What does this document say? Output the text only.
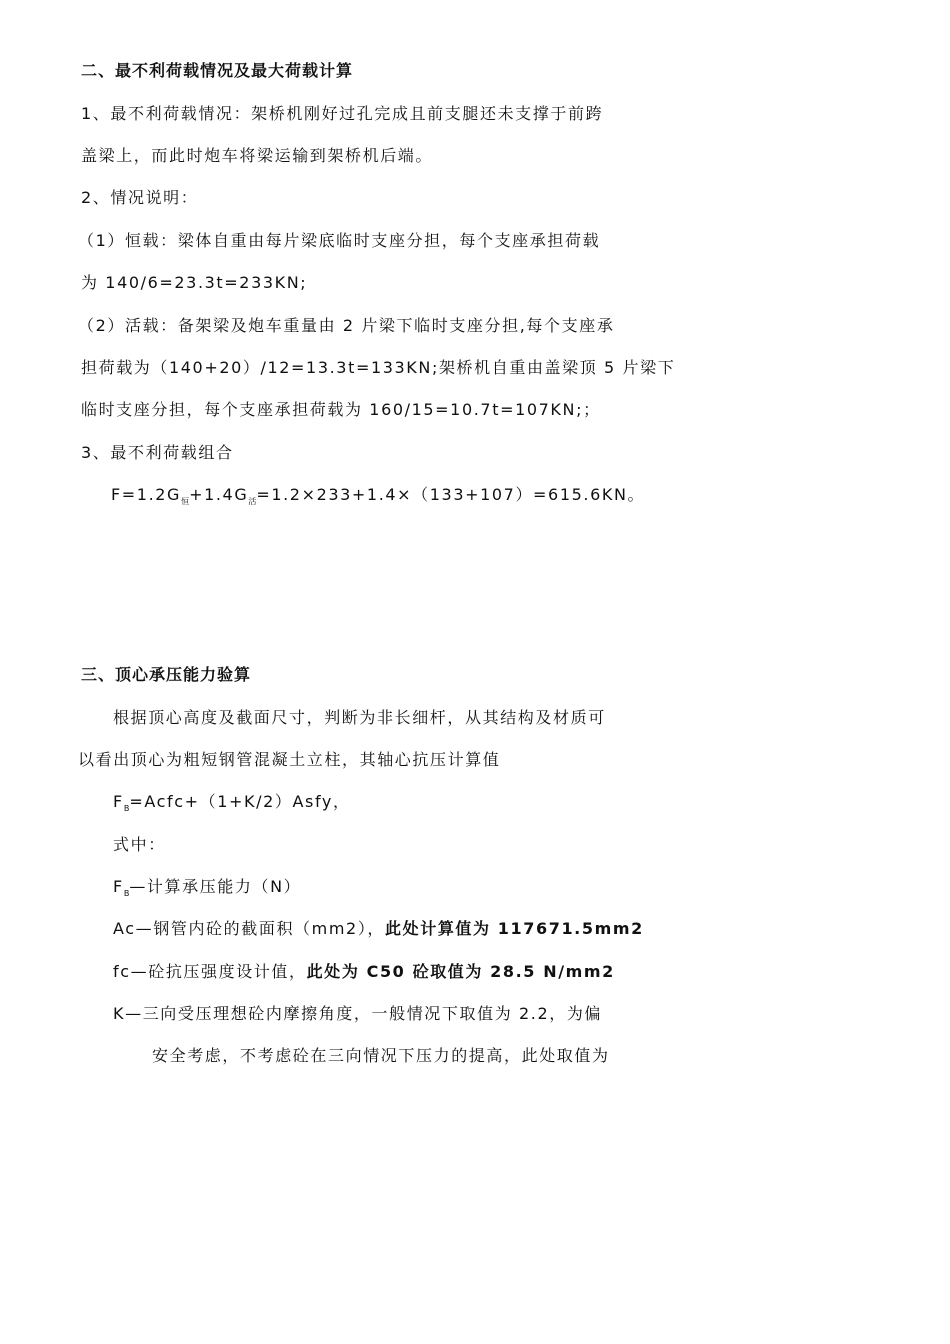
二、最不利荷载情况及最大荷载计算
1、最不利荷载情况：架桥机刚好过孔完成且前支腿还未支撑于前跨
盖梁上，而此时炮车将梁运输到架桥机后端。
2、情况说明：
（1）恒载：梁体自重由每片梁底临时支座分担，每个支座承担荷载
为 140/6=23.3t=233KN;
（2）活载：备架梁及炮车重量由 2 片梁下临时支座分担,每个支座承
担荷载为（140+20）/12=13.3t=133KN;架桥机自重由盖梁顶 5 片梁下
临时支座分担，每个支座承担荷载为 160/15=10.7t=107KN;；
3、最不利荷载组合
$F=1.2G_恒+1.4G_活=1.2\times 233+1.4\times(133+107)=615.6KN$。
三、顶心承压能力验算
根据顶心高度及截面尺寸，判断为非长细杆，从其结构及材质可
以看出顶心为粗短钢管混凝土立柱，其轴心抗压计算值
$F_B=Acfc+(1+K/2)Asfy$，
式中：
$F_B—$计算承压能力（N）
Ac—钢管内砼的截面积（mm2），此处计算值为 117671.5mm2
fc—砼抗压强度设计值，此处为 C50 砼取值为 28.5 N/mm2
K—三向受压理想砼内摩擦角度，一般情况下取值为 2.2，为偏
安全考虑，不考虑砼在三向情况下压力的提高，此处取值为
